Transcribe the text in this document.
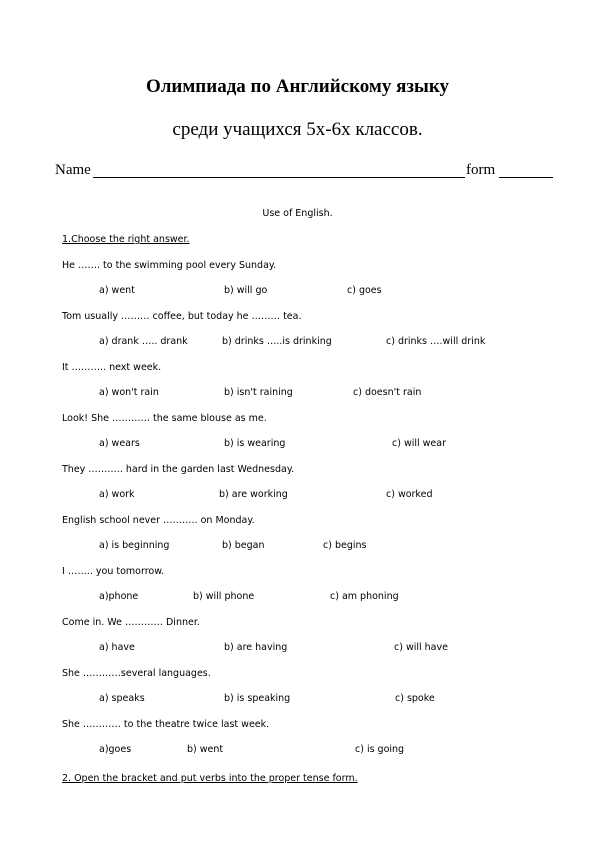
Олимпиада по Английскому языку
среди учащихся 5х-6х классов.
Name	form
Use of English.
1.Choose the right answer.
He ……. to the swimming pool every Sunday.
a) went	b) will go	c) goes
Tom usually ……… coffee, but today he ……… tea.
a) drank ….. drank	b) drinks …..is drinking	c) drinks ….will drink
It ……….. next week.
a) won't rain	b) isn't raining	c) doesn't rain
Look! She ………… the same blouse as me.
a) wears	b) is wearing	c) will wear
They ……….. hard in the garden last Wednesday.
a) work	b) are working	c) worked
English school never ……….. on Monday.
a) is beginning	b) began	c) begins
I …….. you tomorrow.
a)phone	b) will phone	c) am phoning
Come in. We ………… Dinner.
a) have	b) are having	c) will have
She …………several languages.
a) speaks	b) is speaking	c) spoke
She ………… to the theatre twice last week.
a)goes	b) went	c) is going
2. Open the bracket and put verbs into the proper tense form.
